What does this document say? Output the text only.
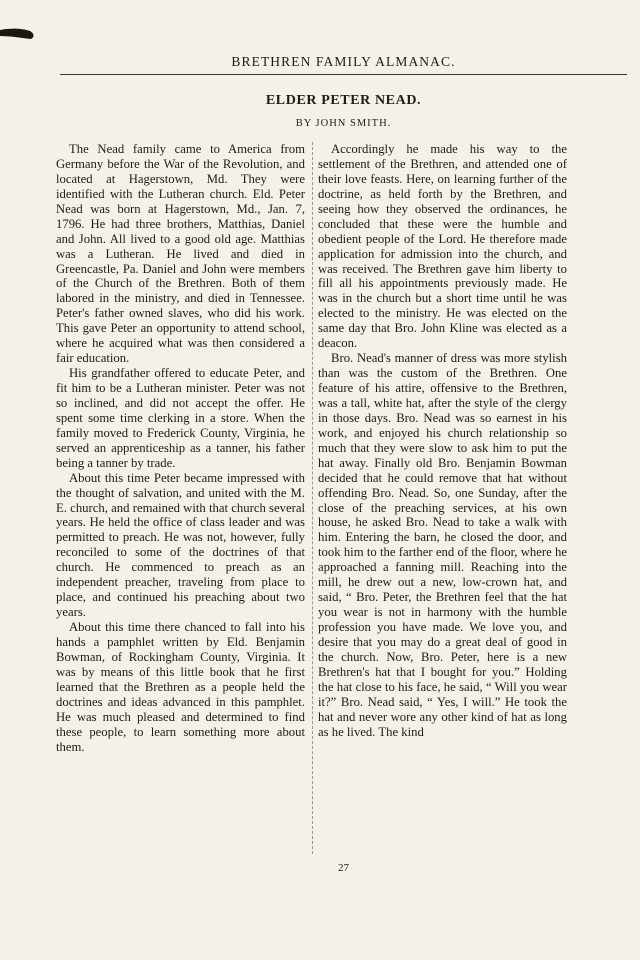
BRETHREN FAMILY ALMANAC.
ELDER PETER NEAD.
BY JOHN SMITH.

The Nead family came to America from Germany before the War of the Revolution, and located at Hagerstown, Md. They were identified with the Lutheran church. Eld. Peter Nead was born at Hagerstown, Md., Jan. 7, 1796. He had three brothers, Matthias, Daniel and John. All lived to a good old age. Matthias was a Lutheran. He lived and died in Greencastle, Pa. Daniel and John were members of the Church of the Brethren. Both of them labored in the ministry, and died in Tennessee. Peter's father owned slaves, who did his work. This gave Peter an opportunity to attend school, where he acquired what was then considered a fair education.

His grandfather offered to educate Peter, and fit him to be a Lutheran minister. Peter was not so inclined, and did not accept the offer. He spent some time clerking in a store. When the family moved to Frederick County, Virginia, he served an apprenticeship as a tanner, his father being a tanner by trade.

About this time Peter became impressed with the thought of salvation, and united with the M. E. church, and remained with that church several years. He held the office of class leader and was permitted to preach. He was not, however, fully reconciled to some of the doctrines of that church. He commenced to preach as an independent preacher, traveling from place to place, and continued his preaching about two years.

About this time there chanced to fall into his hands a pamphlet written by Eld. Benjamin Bowman, of Rockingham County, Virginia. It was by means of this little book that he first learned that the Brethren as a people held the doctrines and ideas advanced in this pamphlet. He was much pleased and determined to find these people, to learn something more about them.

Accordingly he made his way to the settlement of the Brethren, and attended one of their love feasts. Here, on learning further of the doctrine, as held forth by the Brethren, and seeing how they observed the ordinances, he concluded that these were the humble and obedient people of the Lord. He therefore made application for admission into the church, and was received. The Brethren gave him liberty to fill all his appointments previously made. He was in the church but a short time until he was elected to the ministry. He was elected on the same day that Bro. John Kline was elected as a deacon.

Bro. Nead's manner of dress was more stylish than was the custom of the Brethren. One feature of his attire, offensive to the Brethren, was a tall, white hat, after the style of the clergy in those days. Bro. Nead was so earnest in his work, and enjoyed his church relationship so much that they were slow to ask him to put the hat away. Finally old Bro. Benjamin Bowman decided that he could remove that hat without offending Bro. Nead. So, one Sunday, after the close of the preaching services, at his own house, he asked Bro. Nead to take a walk with him. Entering the barn, he closed the door, and took him to the farther end of the floor, where he approached a fanning mill. Reaching into the mill, he drew out a new, low-crown hat, and said, “ Bro. Peter, the Brethren feel that the hat you wear is not in harmony with the humble profession you have made. We love you, and desire that you may do a great deal of good in the church. Now, Bro. Peter, here is a new Brethren's hat that I bought for you.” Holding the hat close to his face, he said, “ Will you wear it?” Bro. Nead said, “ Yes, I will.” He took the hat and never wore any other kind of hat as long as he lived. The kind

27
